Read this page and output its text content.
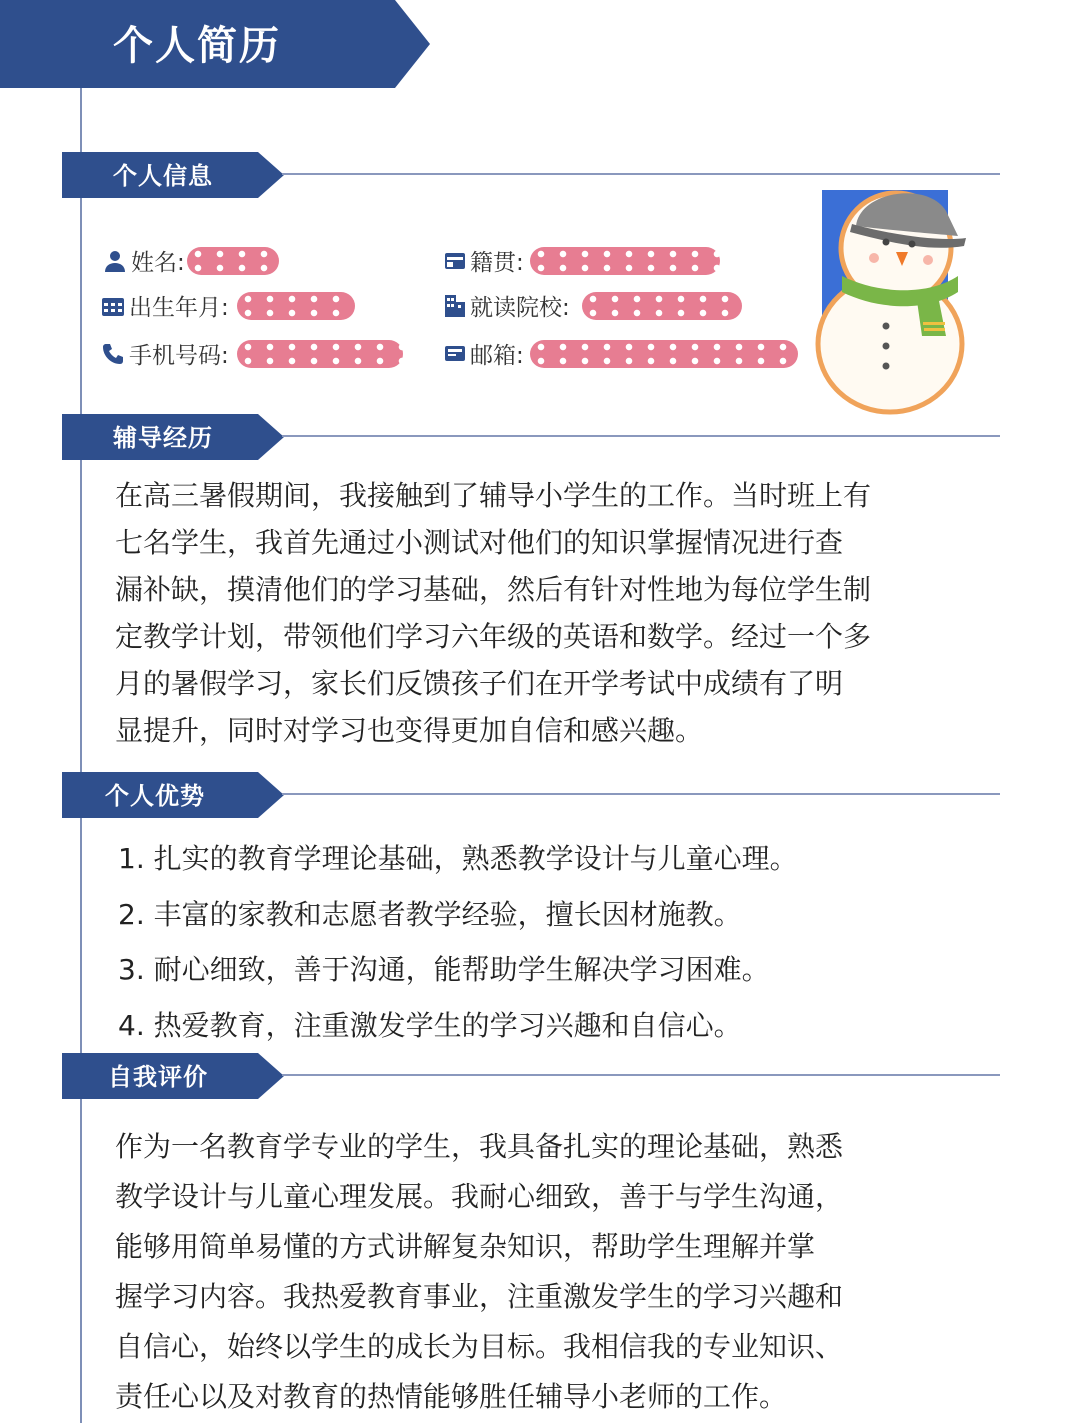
个人简历
个人信息
姓名:
出生年月:
手机号码:
籍贯:
就读院校:
邮箱:
辅导经历
在高三暑假期间，我接触到了辅导小学生的工作。当时班上有
七名学生，我首先通过小测试对他们的知识掌握情况进行查
漏补缺，摸清他们的学习基础，然后有针对性地为每位学生制
定教学计划，带领他们学习六年级的英语和数学。经过一个多
月的暑假学习，家长们反馈孩子们在开学考试中成绩有了明
显提升，同时对学习也变得更加自信和感兴趣。
个人优势
1. 扎实的教育学理论基础，熟悉教学设计与儿童心理。
2. 丰富的家教和志愿者教学经验，擅长因材施教。
3. 耐心细致，善于沟通，能帮助学生解决学习困难。
4. 热爱教育，注重激发学生的学习兴趣和自信心。
自我评价
作为一名教育学专业的学生，我具备扎实的理论基础，熟悉
教学设计与儿童心理发展。我耐心细致，善于与学生沟通，
能够用简单易懂的方式讲解复杂知识，帮助学生理解并掌
握学习内容。我热爱教育事业，注重激发学生的学习兴趣和
自信心，始终以学生的成长为目标。我相信我的专业知识、
责任心以及对教育的热情能够胜任辅导小老师的工作。
